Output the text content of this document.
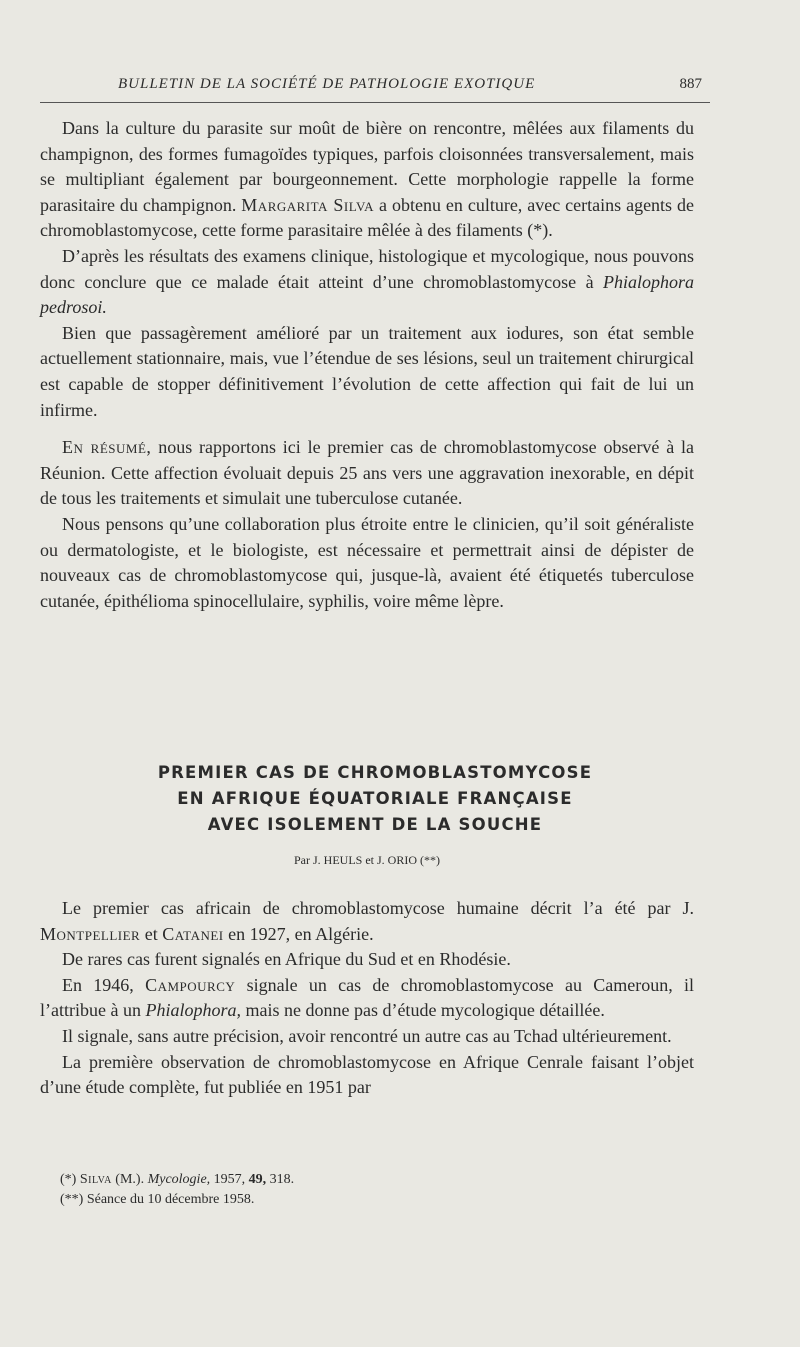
BULLETIN DE LA SOCIÉTÉ DE PATHOLOGIE EXOTIQUE	887

Dans la culture du parasite sur moût de bière on rencontre, mêlées aux filaments du champignon, des formes fumagoïdes typiques, parfois cloisonnées transversalement, mais se multipliant également par bourgeonnement. Cette morphologie rappelle la forme parasitaire du champignon. Margarita Silva a obtenu en culture, avec certains agents de chromoblastomycose, cette forme parasitaire mêlée à des filaments (*).

D’après les résultats des examens clinique, histologique et mycologique, nous pouvons donc conclure que ce malade était atteint d’une chromoblastomycose à Phialophora pedrosoi.

Bien que passagèrement amélioré par un traitement aux iodures, son état semble actuellement stationnaire, mais, vue l’étendue de ses lésions, seul un traitement chirurgical est capable de stopper définitivement l’évolution de cette affection qui fait de lui un infirme.

En résumé, nous rapportons ici le premier cas de chromoblastomycose observé à la Réunion. Cette affection évoluait depuis 25 ans vers une aggravation inexorable, en dépit de tous les traitements et simulait une tuberculose cutanée.

Nous pensons qu’une collaboration plus étroite entre le clinicien, qu’il soit généraliste ou dermatologiste, et le biologiste, est nécessaire et permettrait ainsi de dépister de nouveaux cas de chromoblastomycose qui, jusque-là, avaient été étiquetés tuberculose cutanée, épithélioma spinocellulaire, syphilis, voire même lèpre.

PREMIER CAS DE CHROMOBLASTOMYCOSE
EN AFRIQUE ÉQUATORIALE FRANÇAISE
AVEC ISOLEMENT DE LA SOUCHE
Par J. HEULS et J. ORIO (**)

Le premier cas africain de chromoblastomycose humaine décrit l’a été par J. Montpellier et Catanei en 1927, en Algérie.

De rares cas furent signalés en Afrique du Sud et en Rhodésie.

En 1946, Campourcy signale un cas de chromoblastomycose au Cameroun, il l’attribue à un Phialophora, mais ne donne pas d’étude mycologique détaillée.

Il signale, sans autre précision, avoir rencontré un autre cas au Tchad ultérieurement.

La première observation de chromoblastomycose en Afrique Cenrale faisant l’objet d’une étude complète, fut publiée en 1951 par

(*) Silva (M.). Mycologie, 1957, 49, 318.
(**) Séance du 10 décembre 1958.
